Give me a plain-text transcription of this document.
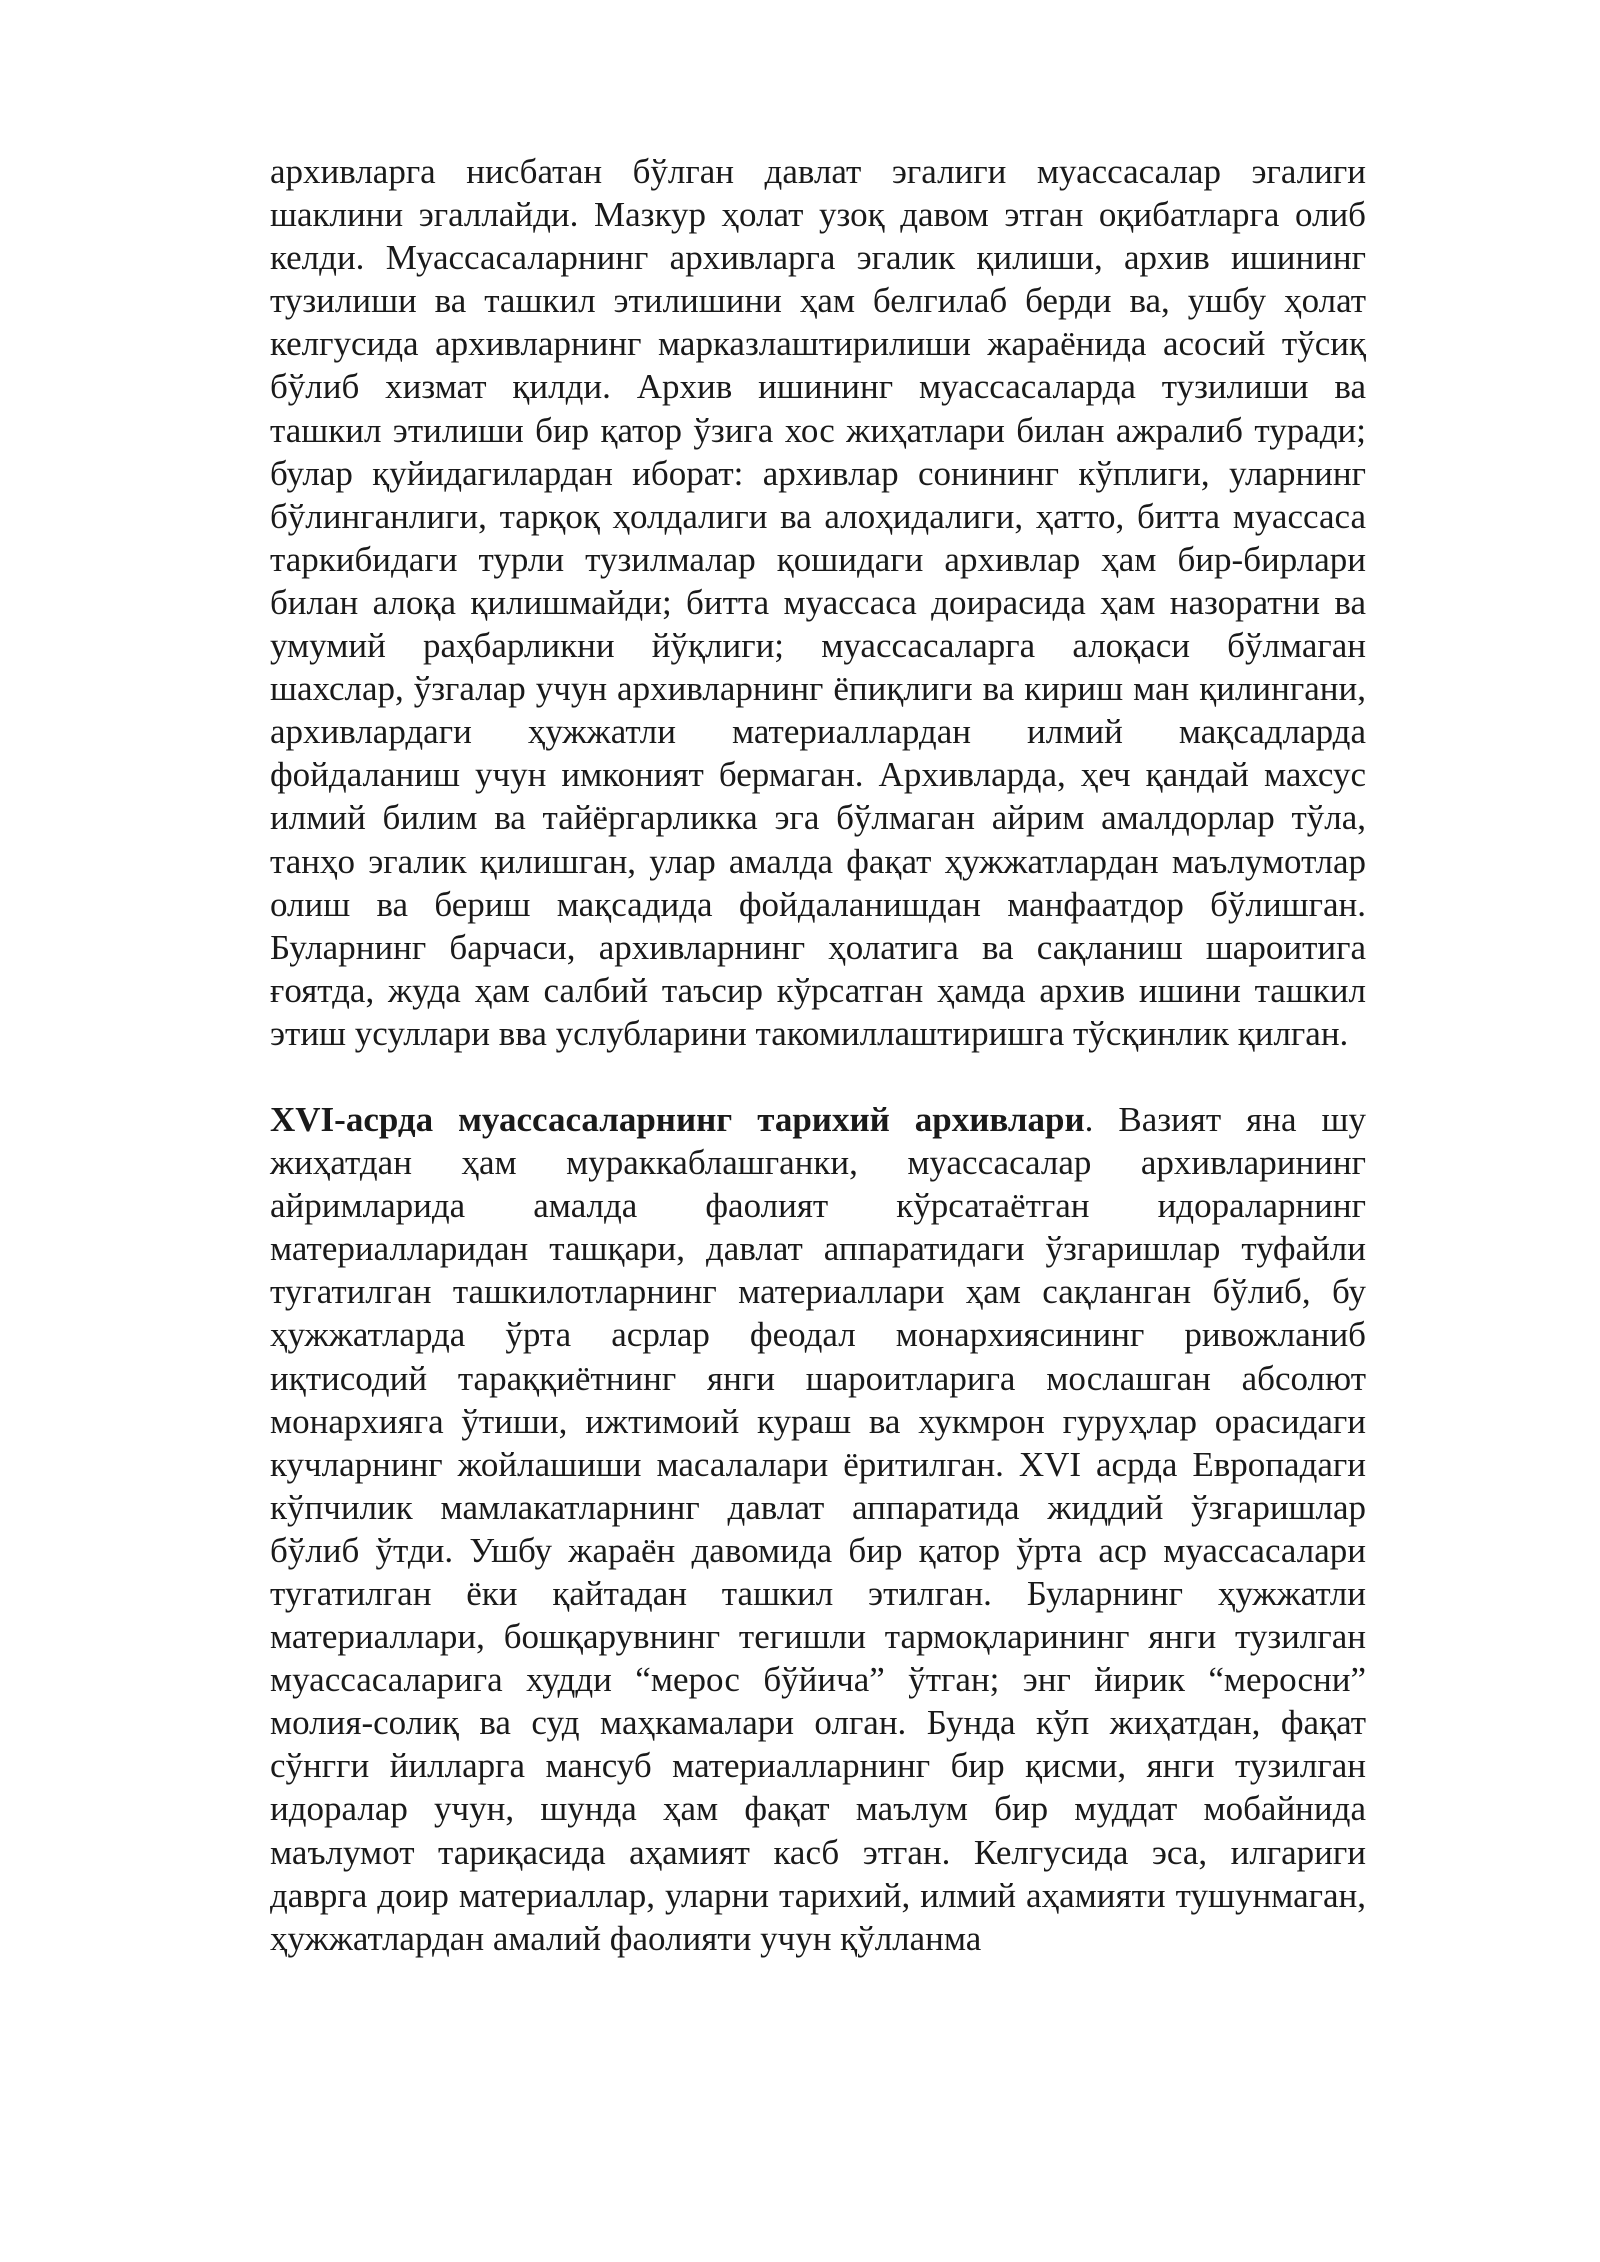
архивларга нисбатан бўлган давлат эгалиги муассасалар эгалиги шаклини эгаллайди. Мазкур ҳолат узоқ давом этган оқибатларга олиб келди. Муассасаларнинг архивларга эгалик қилиши, архив ишининг тузилиши ва ташкил этилишини ҳам белгилаб берди ва, ушбу ҳолат келгусида архивларнинг марказлаштирилиши жараёнида асосий тўсиқ бўлиб хизмат қилди. Архив ишининг муассасаларда тузилиши ва ташкил этилиши бир қатор ўзига хос жиҳатлари билан ажралиб туради; булар қуйидагилардан иборат: архивлар сонининг кўплиги, уларнинг бўлинганлиги, тарқоқ ҳолдалиги ва алоҳидалиги, ҳатто, битта муассаса таркибидаги турли тузилмалар қошидаги архивлар ҳам бир-бирлари билан алоқа қилишмайди; битта муассаса доирасида ҳам назоратни ва умумий раҳбарликни йўқлиги; муассасаларга алоқаси бўлмаган шахслар, ўзгалар учун архивларнинг ёпиқлиги ва кириш ман қилингани, архивлардаги ҳужжатли материаллардан илмий мақсадларда фойдаланиш учун имконият бермаган. Архивларда, ҳеч қандай махсус илмий билим ва тайёргарликка эга бўлмаган айрим амалдорлар тўла, танҳо эгалик қилишган, улар амалда фақат ҳужжатлардан маълумотлар олиш ва бериш мақсадида фойдаланишдан манфаатдор бўлишган. Буларнинг барчаси, архивларнинг ҳолатига ва сақланиш шароитига ғоятда, жуда ҳам салбий таъсир кўрсатган ҳамда архив ишини ташкил этиш усуллари вва услубларини такомиллаштиришга тўсқинлик қилган.

XVI-асрда муассасаларнинг тарихий архивлари. Вазият яна шу жиҳатдан ҳам мураккаблашганки, муассасалар архивларининг айримларида амалда фаолият кўрсатаётган идораларнинг материалларидан ташқари, давлат аппаратидаги ўзгаришлар туфайли тугатилган ташкилотларнинг материаллари ҳам сақланган бўлиб, бу ҳужжатларда ўрта асрлар феодал монархиясининг ривожланиб иқтисодий тараққиётнинг янги шароитларига мослашган абсолют монархияга ўтиши, ижтимоий кураш ва хукмрон гуруҳлар орасидаги кучларнинг жойлашиши масалалари ёритилган. XVI асрда Европадаги кўпчилик мамлакатларнинг давлат аппаратида жиддий ўзгаришлар бўлиб ўтди. Ушбу жараён давомида бир қатор ўрта аср муассасалари тугатилган ёки қайтадан ташкил этилган. Буларнинг ҳужжатли материаллари, бошқарувнинг тегишли тармоқларининг янги тузилган муассасаларига худди “мерос бўйича” ўтган; энг йирик “меросни” молия-солиқ ва суд маҳкамалари олган. Бунда кўп жиҳатдан, фақат сўнгги йилларга мансуб материалларнинг бир қисми, янги тузилган идоралар учун, шунда ҳам фақат маълум бир муддат мобайнида маълумот тариқасида аҳамият касб этган. Келгусида эса, илгариги даврга доир материаллар, уларни тарихий, илмий аҳамияти тушунмаган, ҳужжатлардан амалий фаолияти учун қўлланма
